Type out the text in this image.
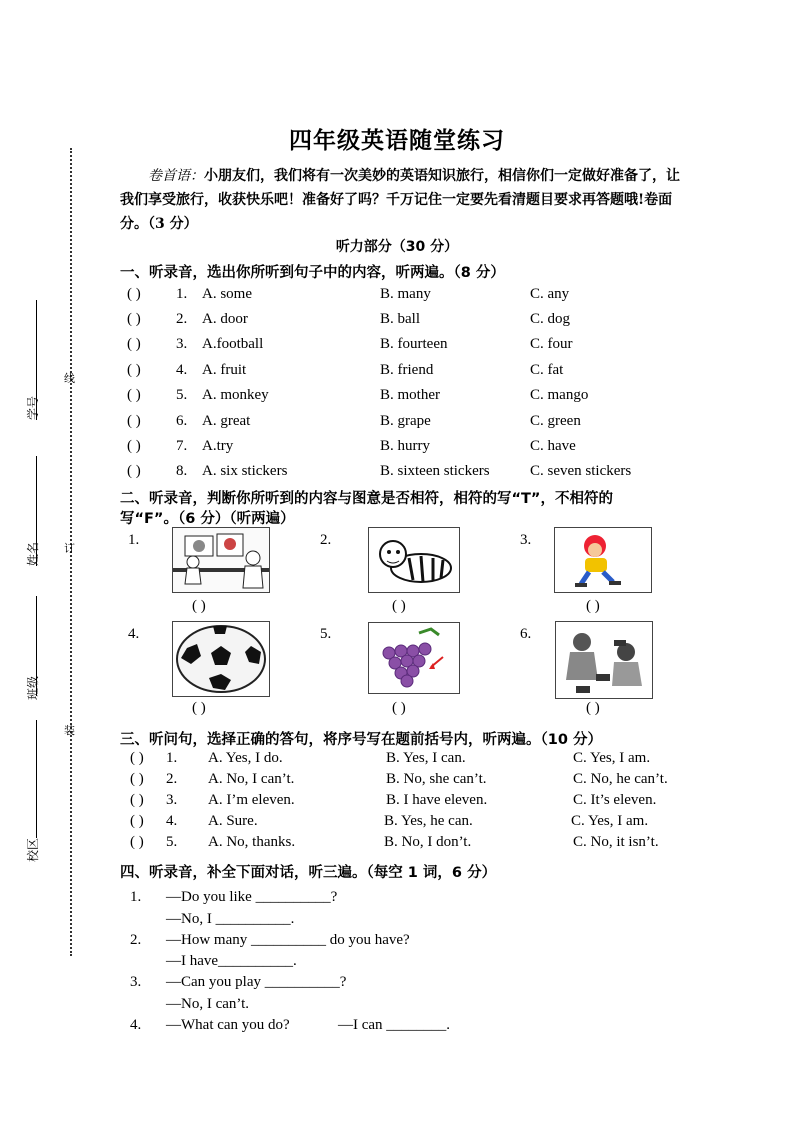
线
订
装
学号
姓名
班级
校区
四年级英语随堂练习
卷首语：小朋友们，我们将有一次美妙的英语知识旅行，相信你们一定做好准备了，让我们享受旅行，收获快乐吧！准备好了吗？千万记住一定要先看清题目要求再答题哦!卷面分。（3 分）
听力部分（30 分）
一、听录音，选出你所听到句子中的内容，听两遍。（8 分）
( ) 1. A. some	B. many	C. any
( ) 2. A. door	B. ball	C. dog
( ) 3. A.football	B. fourteen	C. four
( ) 4. A. fruit	B. friend	C. fat
( ) 5. A. monkey	B. mother	C. mango
( ) 6. A. great	B. grape	C. green
( ) 7. A.try	B. hurry	C. have
( ) 8. A. six stickers	B. sixteen stickers	C. seven stickers
二、听录音，判断你所听到的内容与图意是否相符，相符的写“T”，不相符的
写“F”。（6 分）（听两遍）
1.
( )
2.
( )
3.
( )
4.
( )
5.
( )
6.
( )
三、听问句，选择正确的答句，将序号写在题前括号内，听两遍。（10 分）
( ) 1. A. Yes, I do.	B. Yes, I can.	C. Yes, I am.
( ) 2. A. No, I can’t.	B. No, she can’t.	C. No, he can’t.
( ) 3. A. I’m eleven.	B. I have eleven.	C. It’s eleven.
( ) 4. A. Sure.	B. Yes, he can.	C. Yes, I am.
( ) 5. A. No, thanks.	B. No, I don’t.	C. No, it isn’t.
四、听录音，补全下面对话，听三遍。（每空 1 词，6 分）
1. —Do you like __________?
—No, I __________.
2. —How many __________ do you have?
—I have__________.
3. —Can you play __________?
—No, I can’t.
4. —What can you do?	—I can ________.
